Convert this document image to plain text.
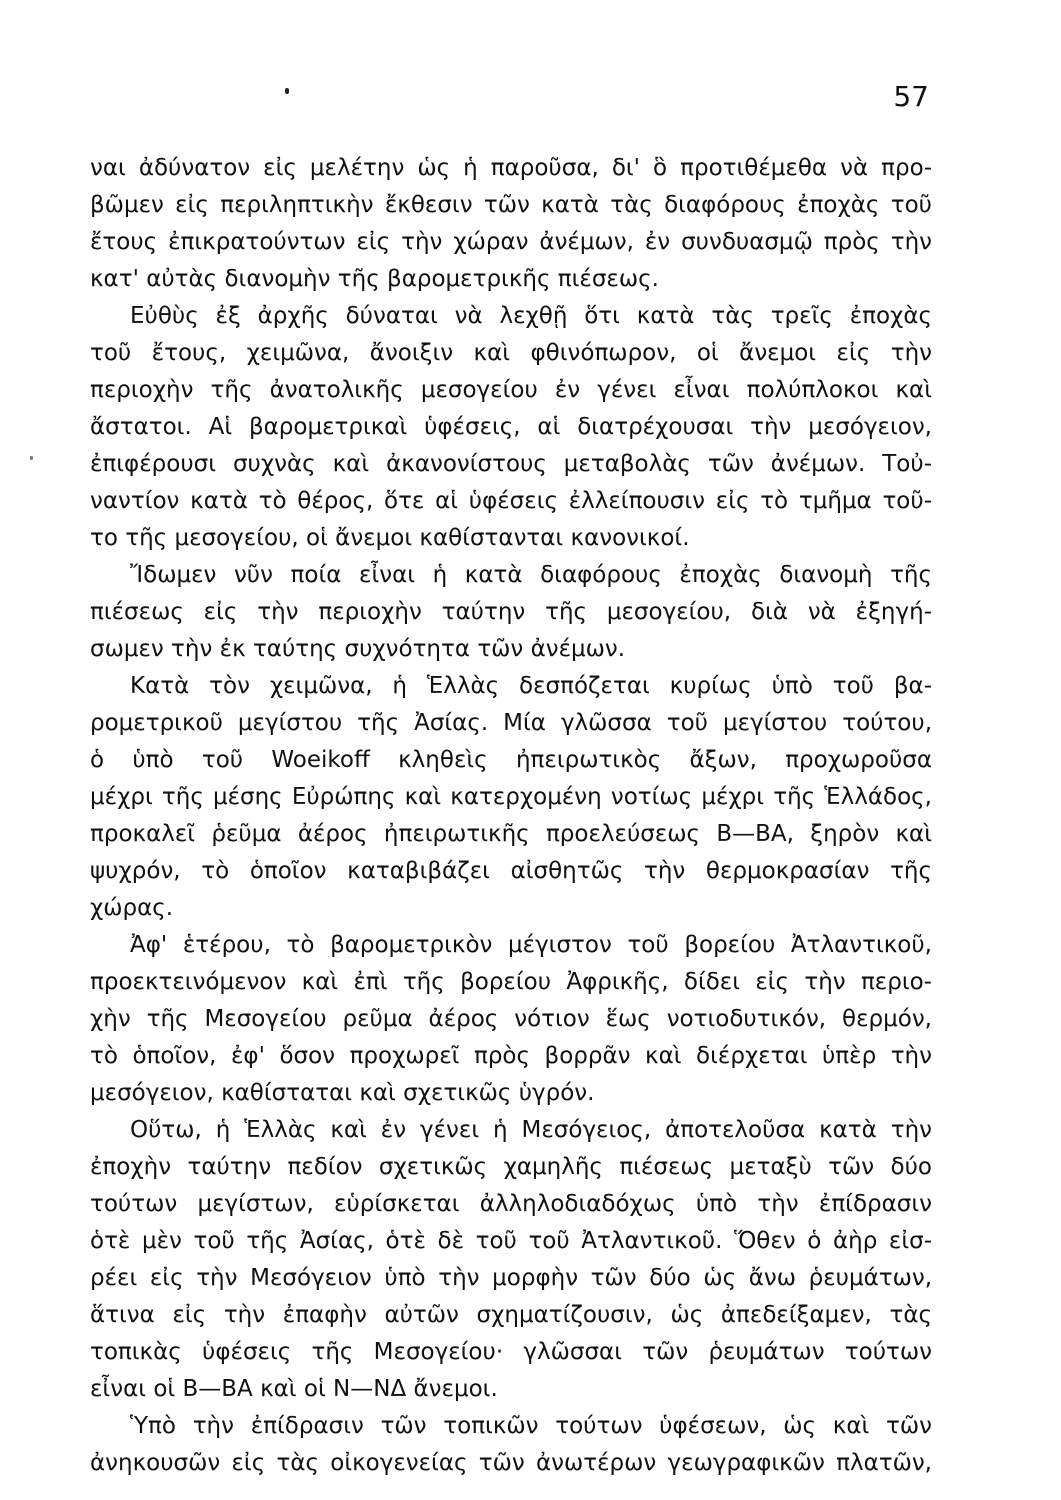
57
ναι ἀδύνατον εἰς μελέτην ὡς ἡ παροῦσα, δι' ὃ προτιθέμεθα νὰ προ-
βῶμεν εἰς περιληπτικὴν ἔκθεσιν τῶν κατὰ τὰς διαφόρους ἐποχὰς τοῦ
ἔτους ἐπικρατούντων εἰς τὴν χώραν ἀνέμων, ἐν συνδυασμῷ πρὸς τὴν
κατ' αὐτὰς διανομὴν τῆς βαρομετρικῆς πιέσεως.
Εὐθὺς ἐξ ἀρχῆς δύναται νὰ λεχθῇ ὅτι κατὰ τὰς τρεῖς ἐποχὰς
τοῦ ἔτους, χειμῶνα, ἄνοιξιν καὶ φθινόπωρον, οἱ ἄνεμοι εἰς τὴν
περιοχὴν τῆς ἀνατολικῆς μεσογείου ἐν γένει εἶναι πολύπλοκοι καὶ
ἄστατοι. Αἱ βαρομετρικαὶ ὑφέσεις, αἱ διατρέχουσαι τὴν μεσόγειον,
ἐπιφέρουσι συχνὰς καὶ ἀκανονίστους μεταβολὰς τῶν ἀνέμων. Τοὐ-
ναντίον κατὰ τὸ θέρος, ὅτε αἱ ὑφέσεις ἐλλείπουσιν εἰς τὸ τμῆμα τοῦ-
το τῆς μεσογείου, οἱ ἄνεμοι καθίστανται κανονικοί.
Ἴδωμεν νῦν ποία εἶναι ἡ κατὰ διαφόρους ἐποχὰς διανομὴ τῆς
πιέσεως εἰς τὴν περιοχὴν ταύτην τῆς μεσογείου, διὰ νὰ ἐξηγή-
σωμεν τὴν ἐκ ταύτης συχνότητα τῶν ἀνέμων.
Κατὰ τὸν χειμῶνα, ἡ Ἑλλὰς δεσπόζεται κυρίως ὑπὸ τοῦ βα-
ρομετρικοῦ μεγίστου τῆς Ἀσίας. Μία γλῶσσα τοῦ μεγίστου τούτου,
ὁ ὑπὸ τοῦ Woeikoff κληθεὶς ἠπειρωτικὸς ἄξων, προχωροῦσα
μέχρι τῆς μέσης Εὐρώπης καὶ κατερχομένη νοτίως μέχρι τῆς Ἑλλάδος,
προκαλεῖ ῥεῦμα ἀέρος ἠπειρωτικῆς προελεύσεως Β—ΒΑ, ξηρὸν καὶ
ψυχρόν, τὸ ὁποῖον καταβιβάζει αἰσθητῶς τὴν θερμοκρασίαν τῆς
χώρας.
Ἀφ' ἑτέρου, τὸ βαρομετρικὸν μέγιστον τοῦ βορείου Ἀτλαντικοῦ,
προεκτεινόμενον καὶ ἐπὶ τῆς βορείου Ἀφρικῆς, δίδει εἰς τὴν περιο-
χὴν τῆς Μεσογείου ρεῦμα ἀέρος νότιον ἕως νοτιοδυτικόν, θερμόν,
τὸ ὁποῖον, ἐφ' ὅσον προχωρεῖ πρὸς βορρᾶν καὶ διέρχεται ὑπὲρ τὴν
μεσόγειον, καθίσταται καὶ σχετικῶς ὑγρόν.
Οὕτω, ἡ Ἑλλὰς καὶ ἐν γένει ἡ Μεσόγειος, ἀποτελοῦσα κατὰ τὴν
ἐποχὴν ταύτην πεδίον σχετικῶς χαμηλῆς πιέσεως μεταξὺ τῶν δύο
τούτων μεγίστων, εὑρίσκεται ἀλληλοδιαδόχως ὑπὸ τὴν ἐπίδρασιν
ὁτὲ μὲν τοῦ τῆς Ἀσίας, ὁτὲ δὲ τοῦ τοῦ Ἀτλαντικοῦ. Ὅθεν ὁ ἀὴρ εἰσ-
ρέει εἰς τὴν Μεσόγειον ὑπὸ τὴν μορφὴν τῶν δύο ὡς ἄνω ῥευμάτων,
ἅτινα εἰς τὴν ἐπαφὴν αὐτῶν σχηματίζουσιν, ὡς ἀπεδείξαμεν, τὰς
τοπικὰς ὑφέσεις τῆς Μεσογείου· γλῶσσαι τῶν ῥευμάτων τούτων
εἶναι οἱ Β—ΒΑ καὶ οἱ Ν—ΝΔ ἄνεμοι.
Ὑπὸ τὴν ἐπίδρασιν τῶν τοπικῶν τούτων ὑφέσεων, ὡς καὶ τῶν
ἀνηκουσῶν εἰς τὰς οἰκογενείας τῶν ἀνωτέρων γεωγραφικῶν πλατῶν,
